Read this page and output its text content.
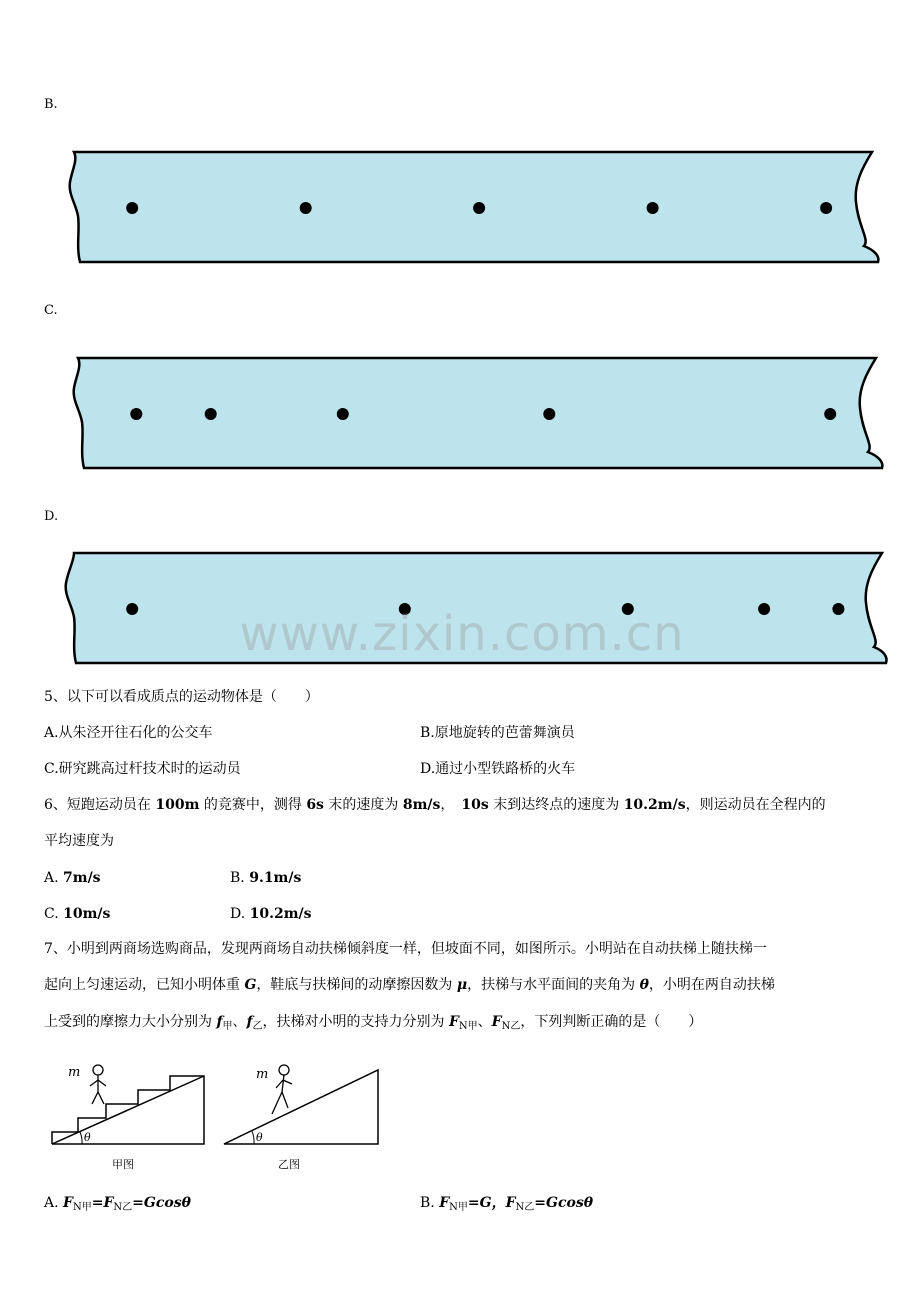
B.
C.
D.
www.zixin.com.cn
5、以下可以看成质点的运动物体是（　　）
A.从朱泾开往石化的公交车	B.原地旋转的芭蕾舞演员
C.研究跳高过杆技术时的运动员	D.通过小型铁路桥的火车
6、短跑运动员在 100m 的竞赛中，测得 6s 末的速度为 8m/s，　10s 末到达终点的速度为 10.2m/s，则运动员在全程内的
平均速度为
A. 7m/s	B. 9.1m/s
C. 10m/s	D. 10.2m/s
7、小明到两商场选购商品，发现两商场自动扶梯倾斜度一样，但坡面不同，如图所示。小明站在自动扶梯上随扶梯一
起向上匀速运动，已知小明体重 G，鞋底与扶梯间的动摩擦因数为 μ，扶梯与水平面间的夹角为 θ，小明在两自动扶梯
上受到的摩擦力大小分别为 $f_甲$、$f_乙$，扶梯对小明的支持力分别为 $F_{N甲}$、$F_{N乙}$，下列判断正确的是（　　）
θ
m
甲图
θ
m
乙图
A. $F_{N甲}=F_{N乙}=Gcos\theta$	B. $F_{N甲}=G$，$F_{N乙}=Gcos\theta$
